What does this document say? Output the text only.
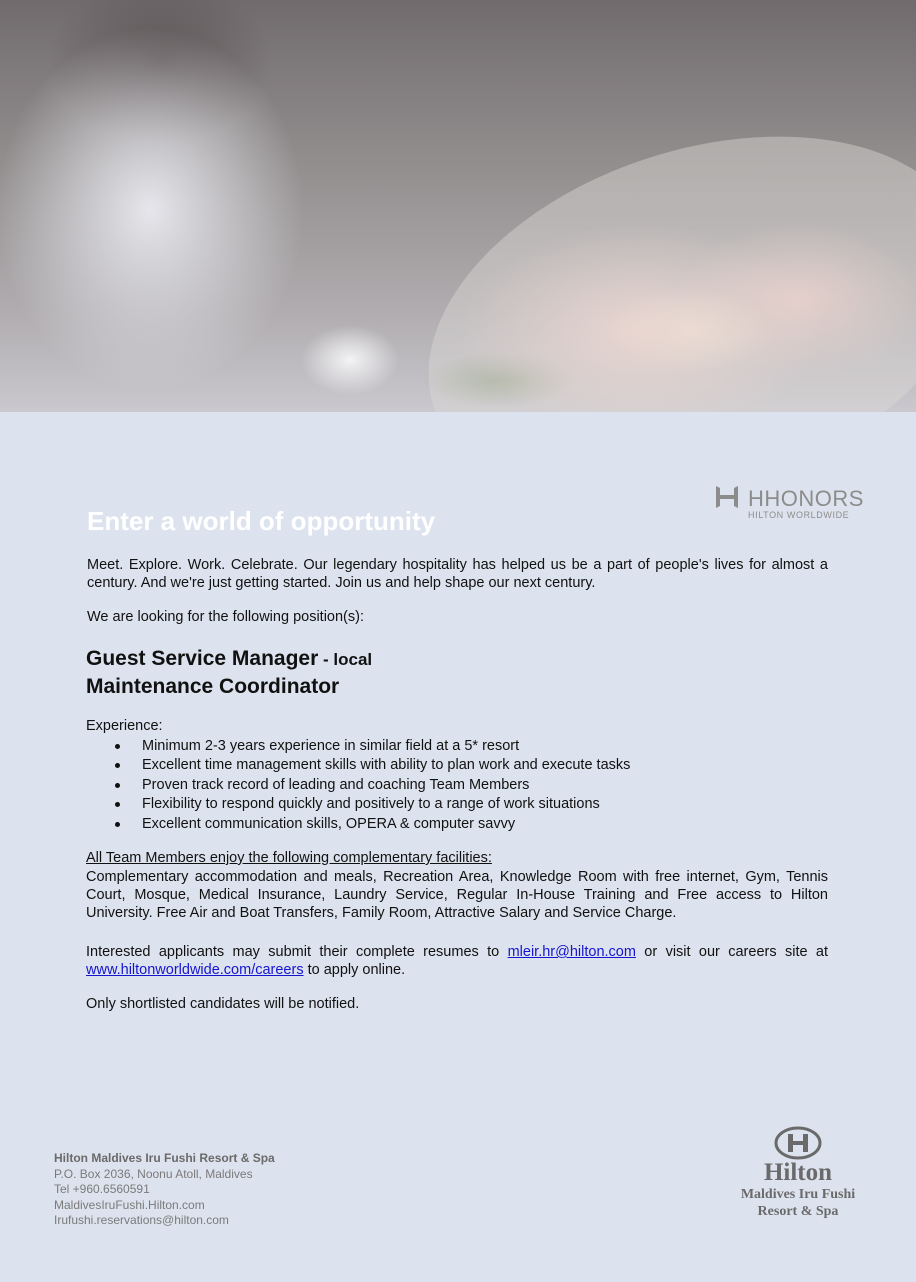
HHONORS
HILTON WORLDWIDE
Enter a world of opportunity

Meet. Explore. Work. Celebrate. Our legendary hospitality has helped us be a part of people's lives for almost a century. And we're just getting started. Join us and help shape our next century.

We are looking for the following position(s):

Guest Service Manager - local
Maintenance Coordinator
Experience:
Minimum 2-3 years experience in similar field at a 5* resort
Excellent time management skills with ability to plan work and execute tasks
Proven track record of leading and coaching Team Members
Flexibility to respond quickly and positively to a range of work situations
Excellent communication skills, OPERA & computer savvy
All Team Members enjoy the following complementary facilities:

Complementary accommodation and meals, Recreation Area, Knowledge Room with free internet, Gym, Tennis Court, Mosque, Medical Insurance, Laundry Service, Regular In-House Training and Free access to Hilton University. Free Air and Boat Transfers, Family Room, Attractive Salary and Service Charge.

Interested applicants may submit their complete resumes to mleir.hr@hilton.com or visit our careers site at www.hiltonworldwide.com/careers to apply online.

Only shortlisted candidates will be notified.

Hilton Maldives Iru Fushi Resort & Spa
P.O. Box 2036, Noonu Atoll, Maldives
Tel +960.6560591
MaldivesIruFushi.Hilton.com
Irufushi.reservations@hilton.com
Hilton
Maldives Iru Fushi
Resort & Spa
